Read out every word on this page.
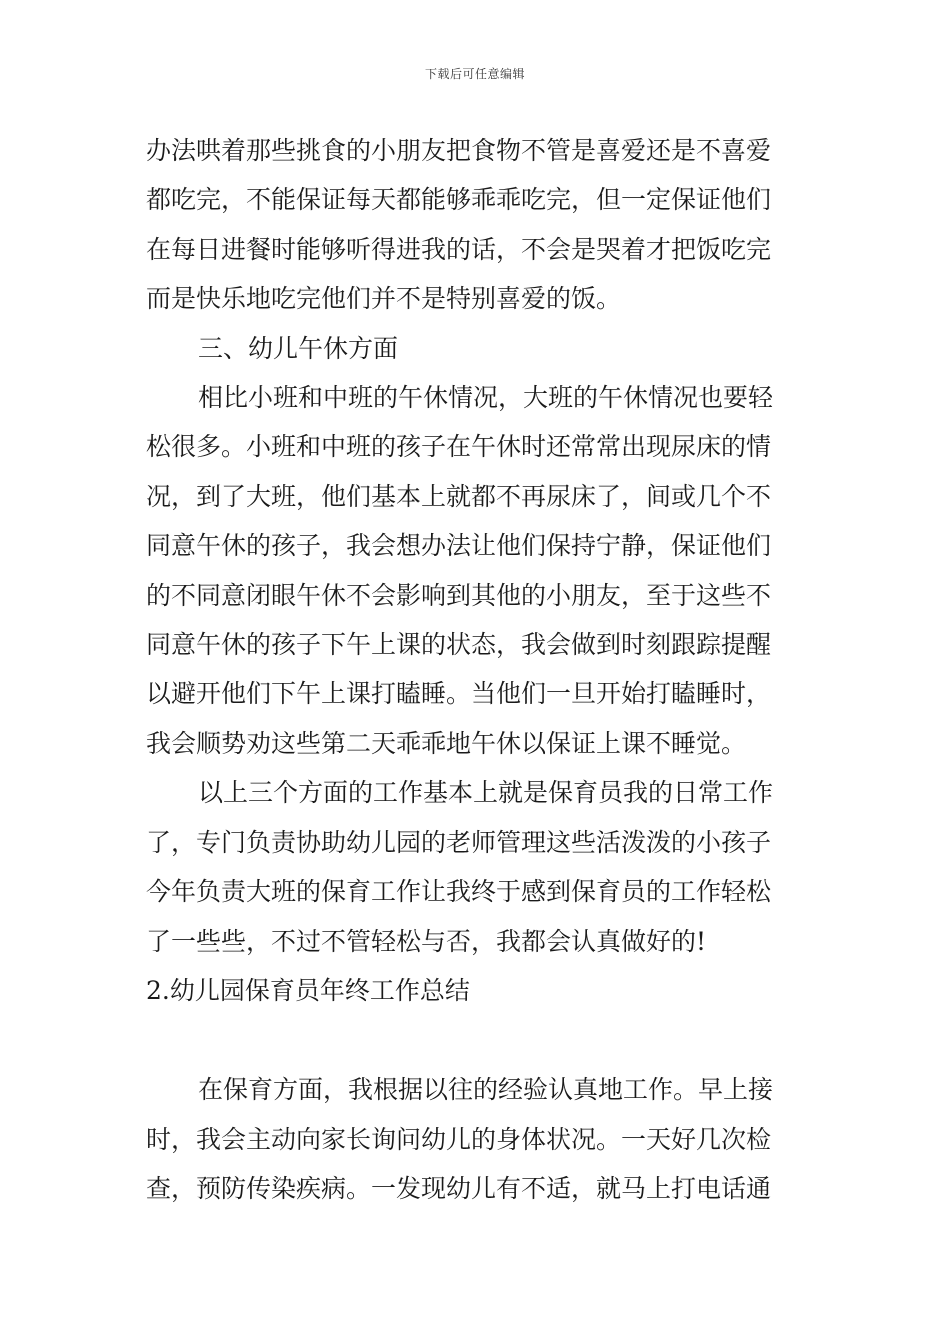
下载后可任意编辑

办法哄着那些挑食的小朋友把食物不管是喜爱还是不喜爱
都吃完，不能保证每天都能够乖乖吃完，但一定保证他们
在每日进餐时能够听得进我的话，不会是哭着才把饭吃完
而是快乐地吃完他们并不是特别喜爱的饭。

三、幼儿午休方面

相比小班和中班的午休情况，大班的午休情况也要轻
松很多。小班和中班的孩子在午休时还常常出现尿床的情
况，到了大班，他们基本上就都不再尿床了，间或几个不
同意午休的孩子，我会想办法让他们保持宁静，保证他们
的不同意闭眼午休不会影响到其他的小朋友，至于这些不
同意午休的孩子下午上课的状态，我会做到时刻跟踪提醒
以避开他们下午上课打瞌睡。当他们一旦开始打瞌睡时，
我会顺势劝这些第二天乖乖地午休以保证上课不睡觉。

以上三个方面的工作基本上就是保育员我的日常工作
了，专门负责协助幼儿园的老师管理这些活泼泼的小孩子
今年负责大班的保育工作让我终于感到保育员的工作轻松
了一些些，不过不管轻松与否，我都会认真做好的!

2.幼儿园保育员年终工作总结

在保育方面，我根据以往的经验认真地工作。早上接
时，我会主动向家长询问幼儿的身体状况。一天好几次检
查，预防传染疾病。一发现幼儿有不适，就马上打电话通
